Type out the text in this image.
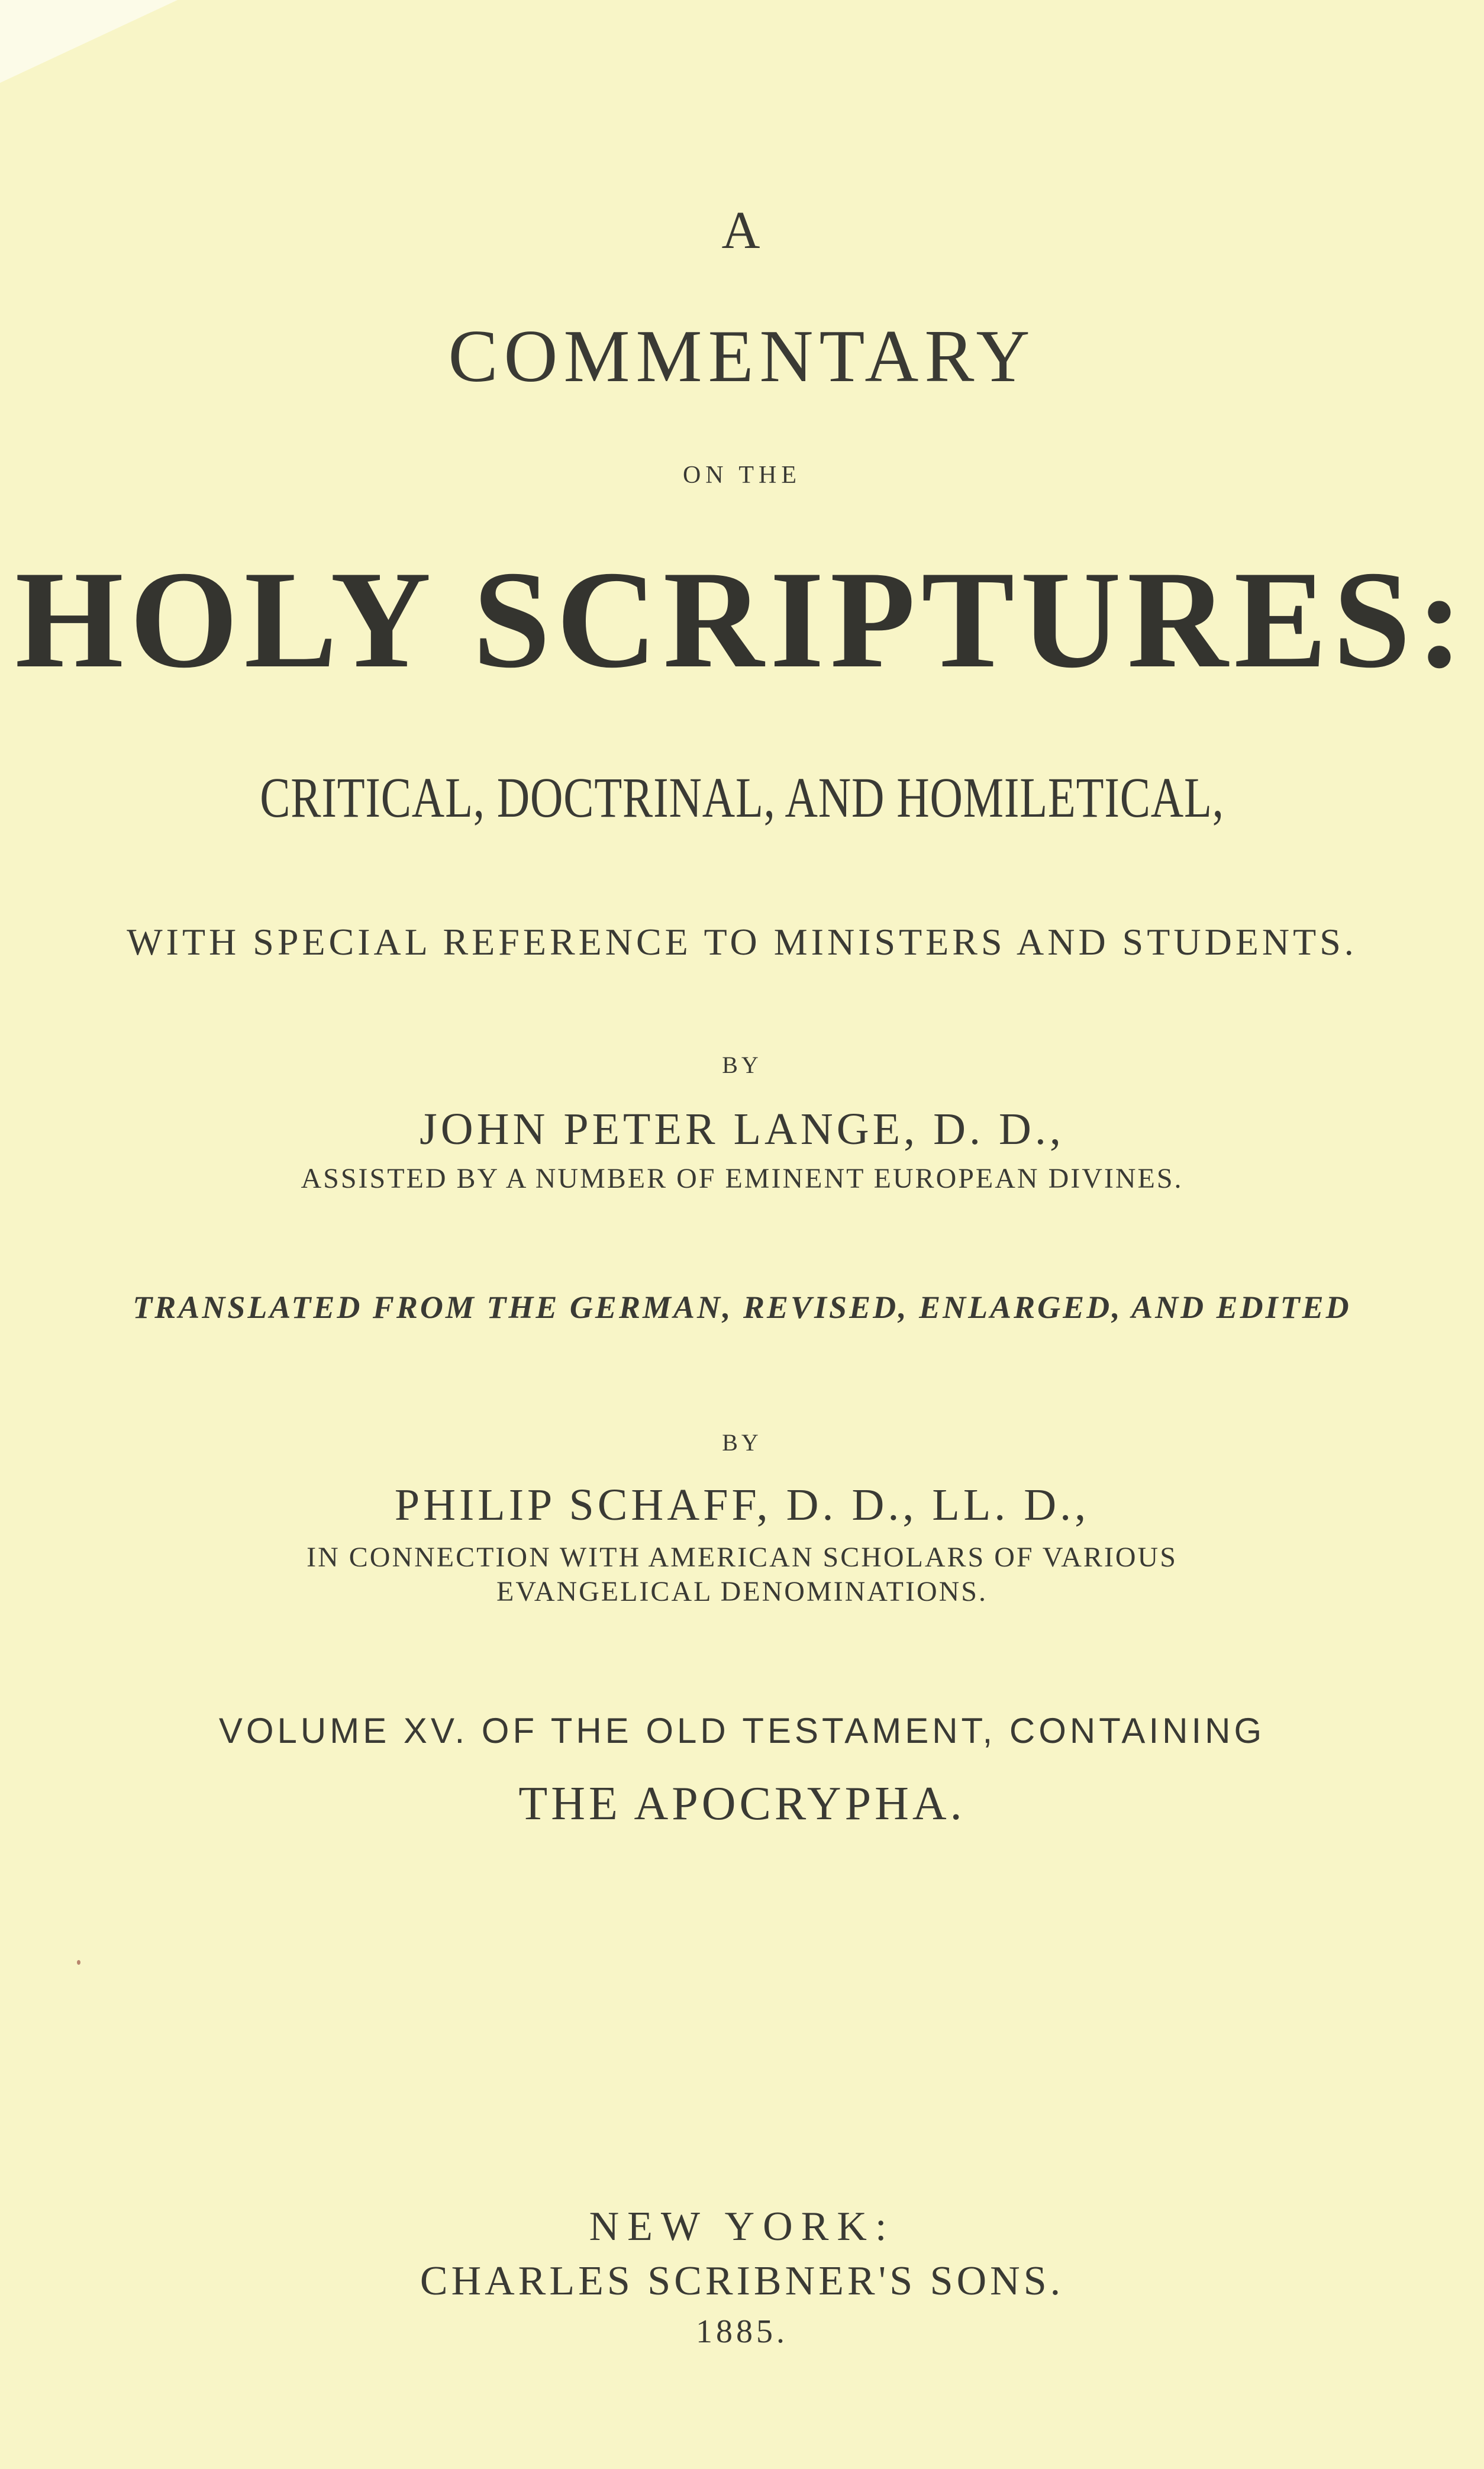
A
COMMENTARY
ON THE
HOLY SCRIPTURES:
CRITICAL, DOCTRINAL, AND HOMILETICAL,
WITH SPECIAL REFERENCE TO MINISTERS AND STUDENTS.
BY
JOHN PETER LANGE, D. D.,
ASSISTED BY A NUMBER OF EMINENT EUROPEAN DIVINES.
TRANSLATED FROM THE GERMAN, REVISED, ENLARGED, AND EDITED
BY
PHILIP SCHAFF, D. D., LL. D.,
IN CONNECTION WITH AMERICAN SCHOLARS OF VARIOUS
EVANGELICAL DENOMINATIONS.
VOLUME XV. OF THE OLD TESTAMENT, CONTAINING
THE APOCRYPHA.
NEW YORK:
CHARLES SCRIBNER'S SONS.
1885.
